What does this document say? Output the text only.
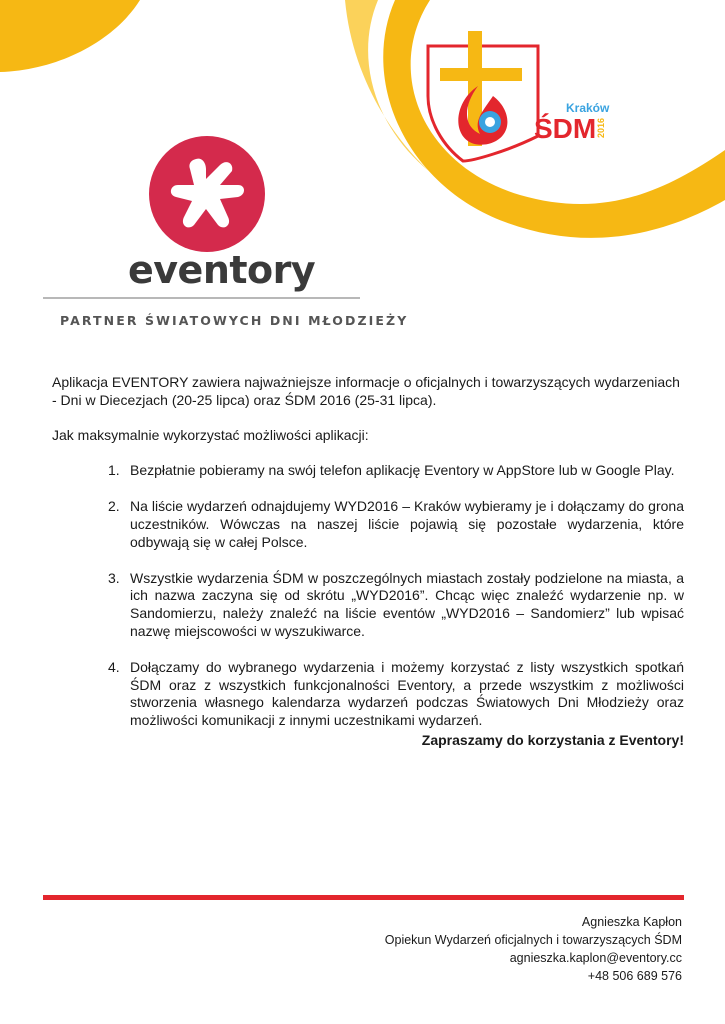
Kraków
ŚDM 2016
eventory
PARTNER ŚWIATOWYCH DNI MŁODZIEŻY

Aplikacja EVENTORY zawiera najważniejsze informacje o oficjalnych i towarzyszących wydarzeniach - Dni w Diecezjach (20-25 lipca) oraz ŚDM 2016 (25-31 lipca).

Jak maksymalnie wykorzystać możliwości aplikacji:

1. Bezpłatnie pobieramy na swój telefon aplikację Eventory w AppStore lub w Google Play.
2. Na liście wydarzeń odnajdujemy WYD2016 – Kraków wybieramy je i dołączamy do grona uczestników. Wówczas na naszej liście pojawią się pozostałe wydarzenia, które odbywają się w całej Polsce.
3. Wszystkie wydarzenia ŚDM w poszczególnych miastach zostały podzielone na miasta, a ich nazwa zaczyna się od skrótu „WYD2016”. Chcąc więc znaleźć wydarzenie np. w Sandomierzu, należy znaleźć na liście eventów „WYD2016 – Sandomierz” lub wpisać nazwę miejscowości w wyszukiwarce.
4. Dołączamy do wybranego wydarzenia i możemy korzystać z listy wszystkich spotkań ŚDM oraz z wszystkich funkcjonalności Eventory, a przede wszystkim z możliwości stworzenia własnego kalendarza wydarzeń podczas Światowych Dni Młodzieży oraz możliwości komunikacji z innymi uczestnikami wydarzeń.
Zapraszamy do korzystania z Eventory!
Agnieszka Kapłon
Opiekun Wydarzeń oficjalnych i towarzyszących ŚDM
agnieszka.kaplon@eventory.cc
+48 506 689 576
